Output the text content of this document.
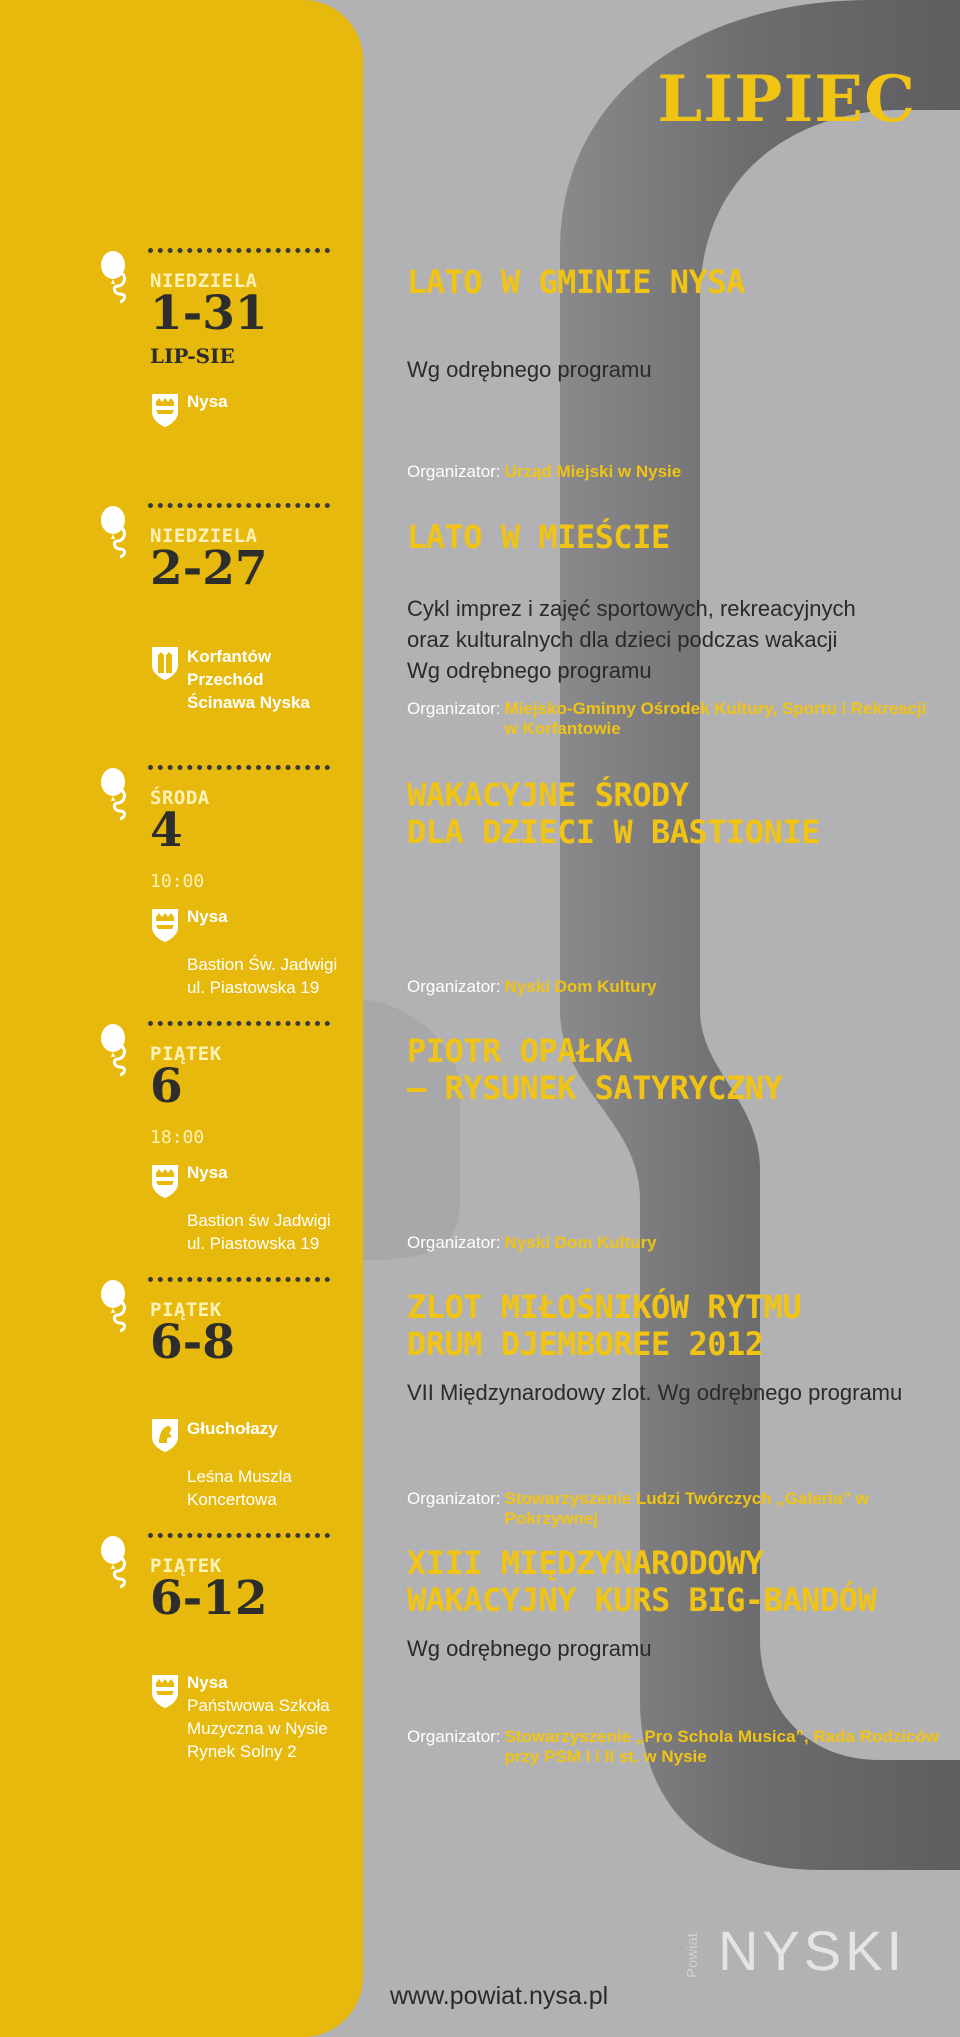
LIPIEC
NIEDZIELA
1-31
LIP-SIE
Nysa
LATO W GMINIE NYSA
Wg odrębnego programu
Organizator: Urząd Miejski w Nysie
NIEDZIELA
2-27
Korfantów
Przechód
Ścinawa Nyska
LATO W MIEŚCIE
Cykl imprez i zajęć sportowych, rekreacyjnych
oraz kulturalnych dla dzieci podczas wakacji
Wg odrębnego programu
Organizator: Miejsko-Gminny Ośrodek Kultury, Sportu i Rekreacji
w Korfantowie
ŚRODA
4
10:00
Nysa
Bastion Św. Jadwigi
ul. Piastowska 19
WAKACYJNE ŚRODY
DLA DZIECI W BASTIONIE
Organizator: Nyski Dom Kultury
PIĄTEK
6
18:00
Nysa
Bastion św Jadwigi
ul. Piastowska 19
PIOTR OPAŁKA
– RYSUNEK SATYRYCZNY
Organizator: Nyski Dom Kultury
PIĄTEK
6-8
Głuchołazy
Leśna Muszla
Koncertowa
ZLOT MIŁOŚNIKÓW RYTMU
DRUM DJEMBOREE 2012
VII Międzynarodowy zlot. Wg odrębnego programu
Organizator: Stowarzyszenie Ludzi Twórczych „Galeria” w Pokrzywnej
PIĄTEK
6-12
Nysa
Państwowa Szkoła
Muzyczna w Nysie
Rynek Solny 2
XIII MIĘDZYNARODOWY
WAKACYJNY KURS BIG-BANDÓW
Wg odrębnego programu
Organizator: Stowarzyszenie „Pro Schola Musica”, Rada Rodziców
przy PSM I i II st. w Nysie
www.powiat.nysa.pl
Powiat NYSKI
